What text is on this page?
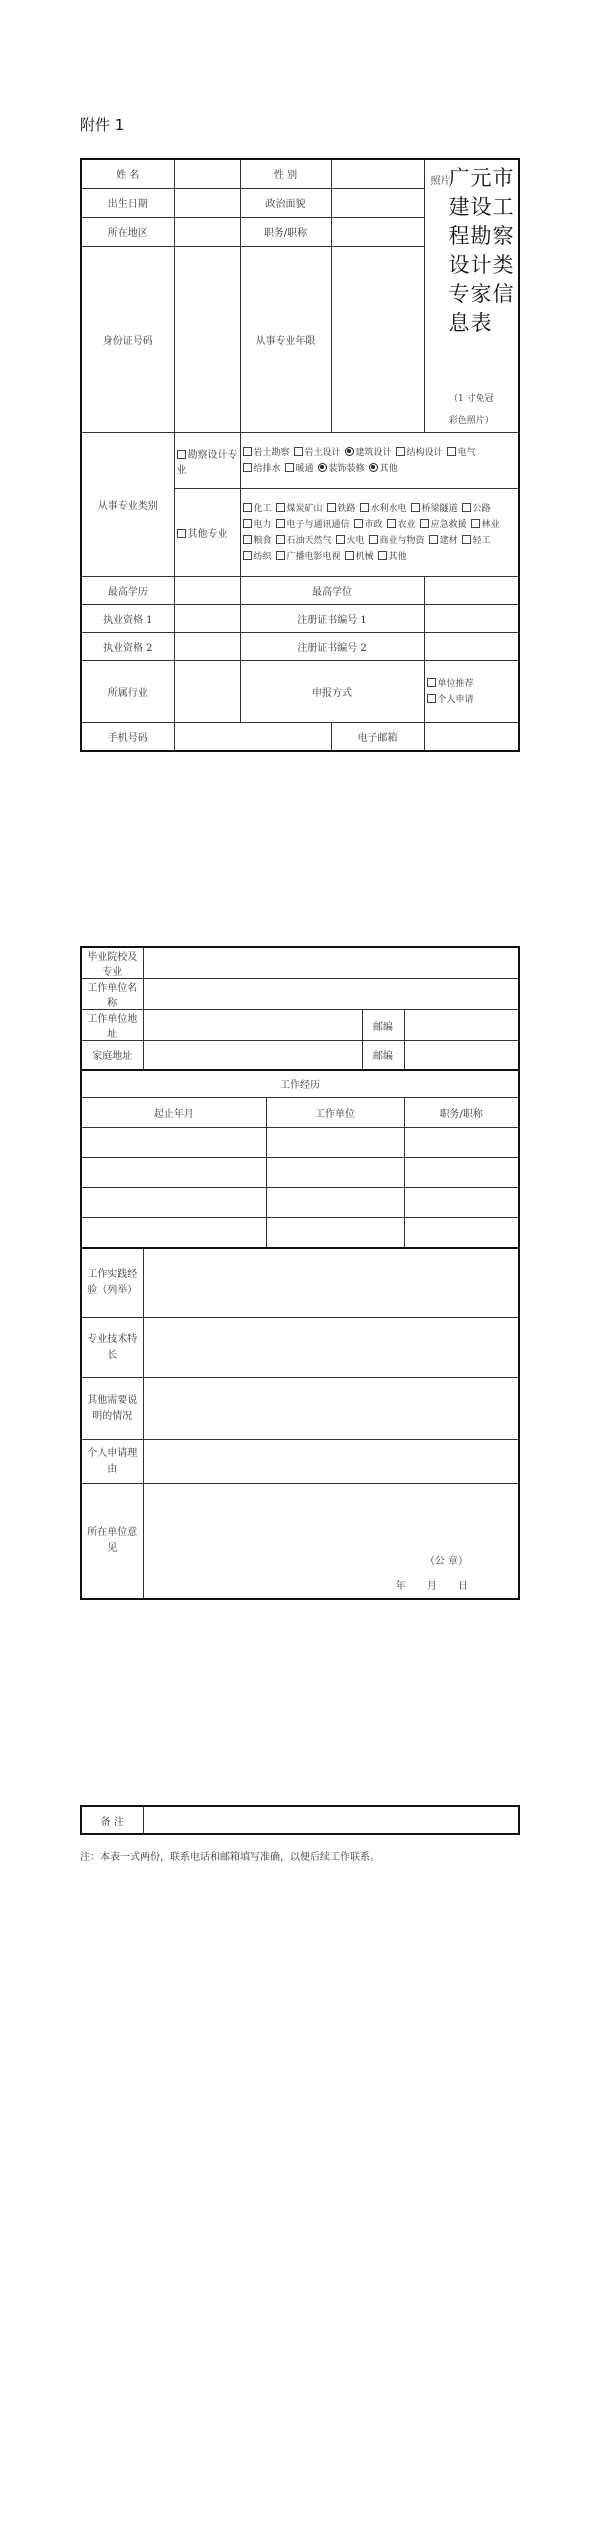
附件 1
姓 名		性 别		照片
广元市建设工程勘察设计类专家信息表
（1 寸免冠
彩色照片）

出生日期		政治面貌		
所在地区		职务/职称		
身份证号码		从事专业年限		

从事专业类别	勘察设计专业	岩土勘察 岩土设计 建筑设计 结构设计 电气给排水 暖通 装饰装修 其他		
	其他专业	化工 煤炭矿山 铁路 水利水电 桥梁隧道 公路电力 电子与通讯通信 市政 农业 应急救援 林业粮食 石油天然气 火电 商业与物资 建材 轻工纺织 广播电影电视 机械 其他		
最高学历		最高学位		
执业资格 1		注册证书编号 1		
执业资格 2		注册证书编号 2		
所属行业		申报方式		单位推荐
个人申请
手机号码			电子邮箱	
毕业院校及专业				
工作单位名称				
工作单位地址			邮编	
家庭地址			邮编	
工作经历				
起止年月		工作单位		职务/职称

工作实践经验（列举）				
专业技术特长				
其他需要说明的情况				
个人申请理由				
所在单位意见	（公 章）
年 月 日			
备 注	
注：本表一式两份，联系电话和邮箱填写准确，以便后续工作联系。
